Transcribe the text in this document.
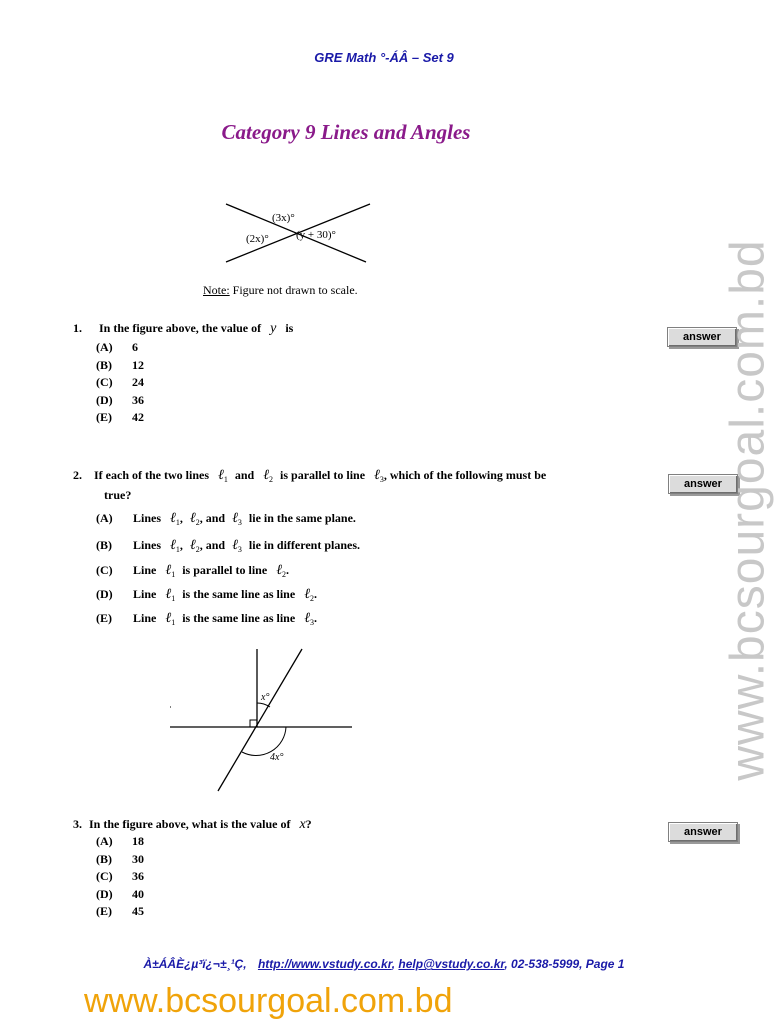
GRE Math °-ÁÂ – Set 9
Category 9 Lines and Angles
(3x)°
(2x)° (y + 30)°
Note: Figure not drawn to scale.
1. In the figure above, the value of y is
answer
(A) 6
(B) 12
(C) 24
(D) 36
(E) 42
2. If each of the two lines ℓ$_1$ and ℓ$_2$ is parallel to line ℓ$_3$, which of the following must be
true?
answer
(A) Lines ℓ$_1$, ℓ$_2$, and ℓ$_3$ lie in the same plane.
(B) Lines ℓ$_1$, ℓ$_2$, and ℓ$_3$ lie in different planes.
(C) Line ℓ$_1$ is parallel to line ℓ$_2$.
(D) Line ℓ$_1$ is the same line as line ℓ$_2$.
(E) Line ℓ$_1$ is the same line as line ℓ$_3$.
x°
4x°
3. In the figure above, what is the value of x?
answer
(A) 18
(B) 30
(C) 36
(D) 40
(E) 45
www.bcsourgoal.com.bd
À±ÁÂÈ¿µ³ï¿¬±¸¹Ç, http://www.vstudy.co.kr, help@vstudy.co.kr, 02-538-5999, Page 1
www.bcsourgoal.com.bd
